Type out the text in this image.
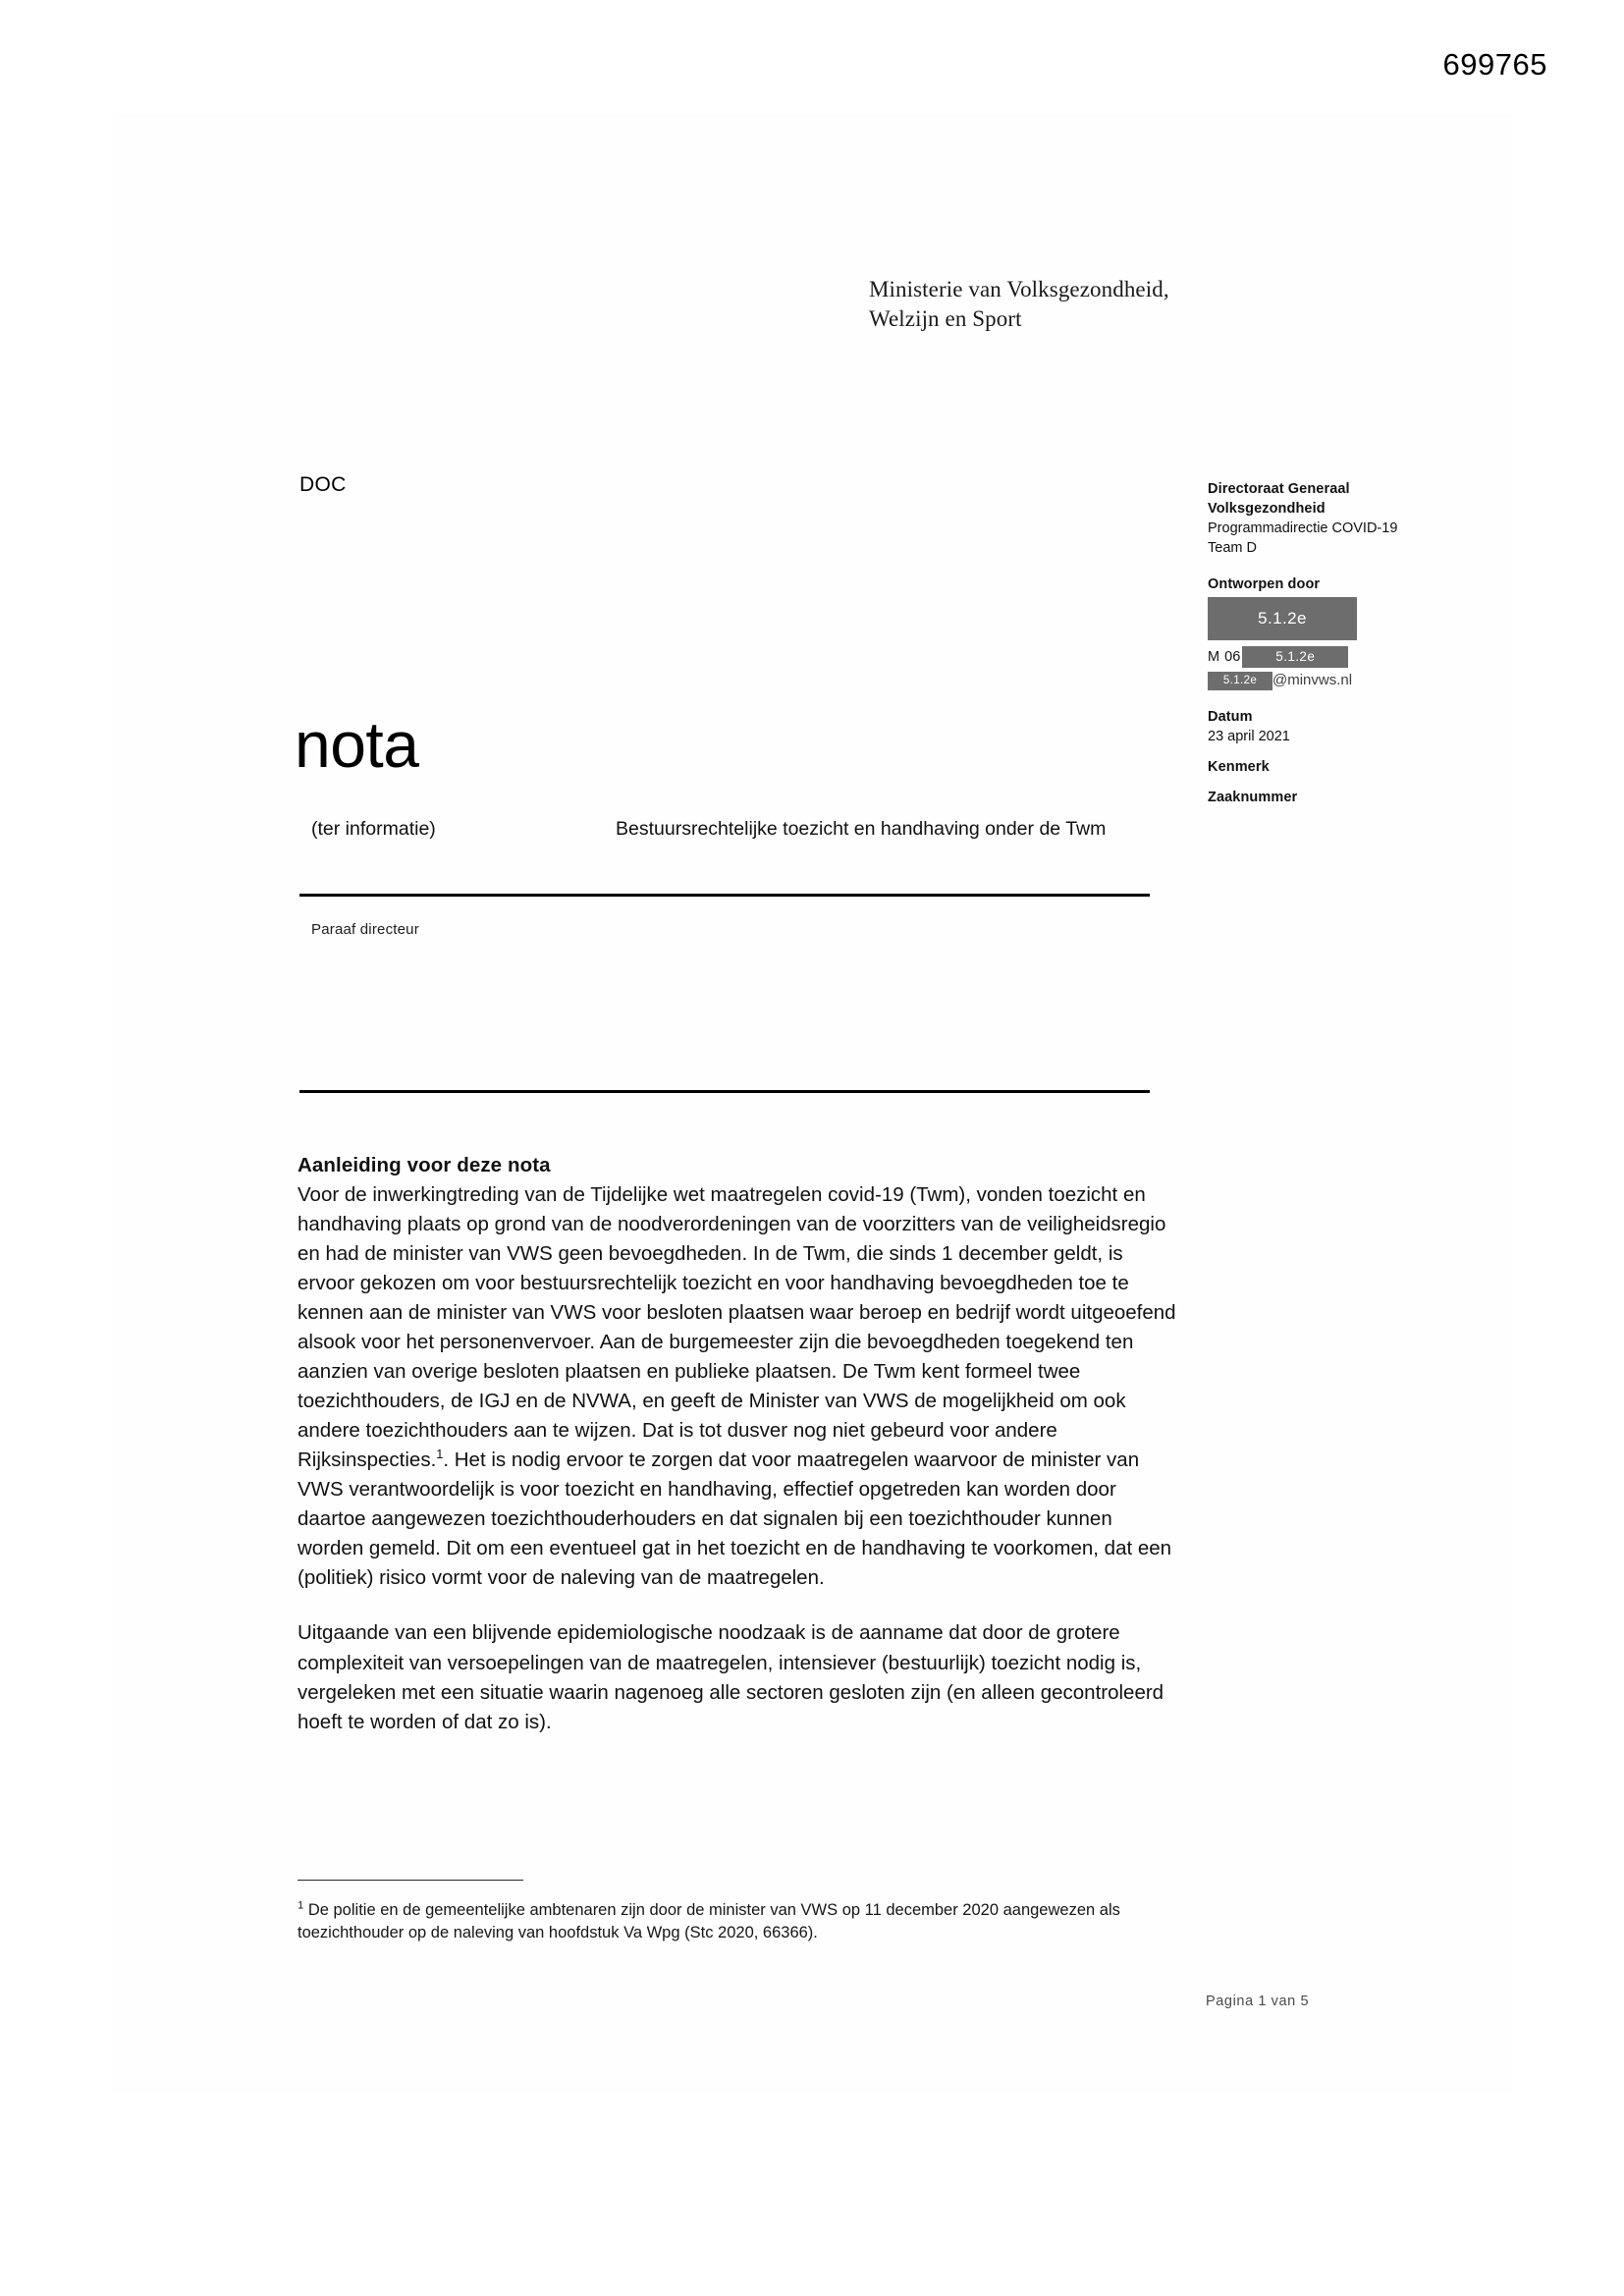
699765
Ministerie van Volksgezondheid,
Welzijn en Sport
DOC	Directoraat Generaal
Volksgezondheid
Programmadirectie COVID-19
Team D
Ontworpen door
5.1.2e
M 06	5.1.2e
5.1.2e @minvws.nl
Datum
23 april 2021
Kenmerk
Zaaknummer
nota
(ter informatie)	Bestuursrechtelijke toezicht en handhaving onder de Twm
Paraaf directeur

Aanleiding voor deze nota

Voor de inwerkingtreding van de Tijdelijke wet maatregelen covid-19 (Twm), vonden toezicht en handhaving plaats op grond van de noodverordeningen van de voorzitters van de veiligheidsregio en had de minister van VWS geen bevoegdheden. In de Twm, die sinds 1 december geldt, is ervoor gekozen om voor bestuursrechtelijk toezicht en voor handhaving bevoegdheden toe te kennen aan de minister van VWS voor besloten plaatsen waar beroep en bedrijf wordt uitgeoefend alsook voor het personenvervoer. Aan de burgemeester zijn die bevoegdheden toegekend ten aanzien van overige besloten plaatsen en publieke plaatsen. De Twm kent formeel twee toezichthouders, de IGJ en de NVWA, en geeft de Minister van VWS de mogelijkheid om ook andere toezichthouders aan te wijzen. Dat is tot dusver nog niet gebeurd voor andere Rijksinspecties.$^1$. Het is nodig ervoor te zorgen dat voor maatregelen waarvoor de minister van VWS verantwoordelijk is voor toezicht en handhaving, effectief opgetreden kan worden door daartoe aangewezen toezichthouderhouders en dat signalen bij een toezichthouder kunnen worden gemeld. Dit om een eventueel gat in het toezicht en de handhaving te voorkomen, dat een (politiek) risico vormt voor de naleving van de maatregelen.

Uitgaande van een blijvende epidemiologische noodzaak is de aanname dat door de grotere complexiteit van versoepelingen van de maatregelen, intensiever (bestuurlijk) toezicht nodig is, vergeleken met een situatie waarin nagenoeg alle sectoren gesloten zijn (en alleen gecontroleerd hoeft te worden of dat zo is).

$^1$ De politie en de gemeentelijke ambtenaren zijn door de minister van VWS op 11 december 2020 aangewezen als toezichthouder op de naleving van hoofdstuk Va Wpg (Stc 2020, 66366).
Pagina 1 van 5
